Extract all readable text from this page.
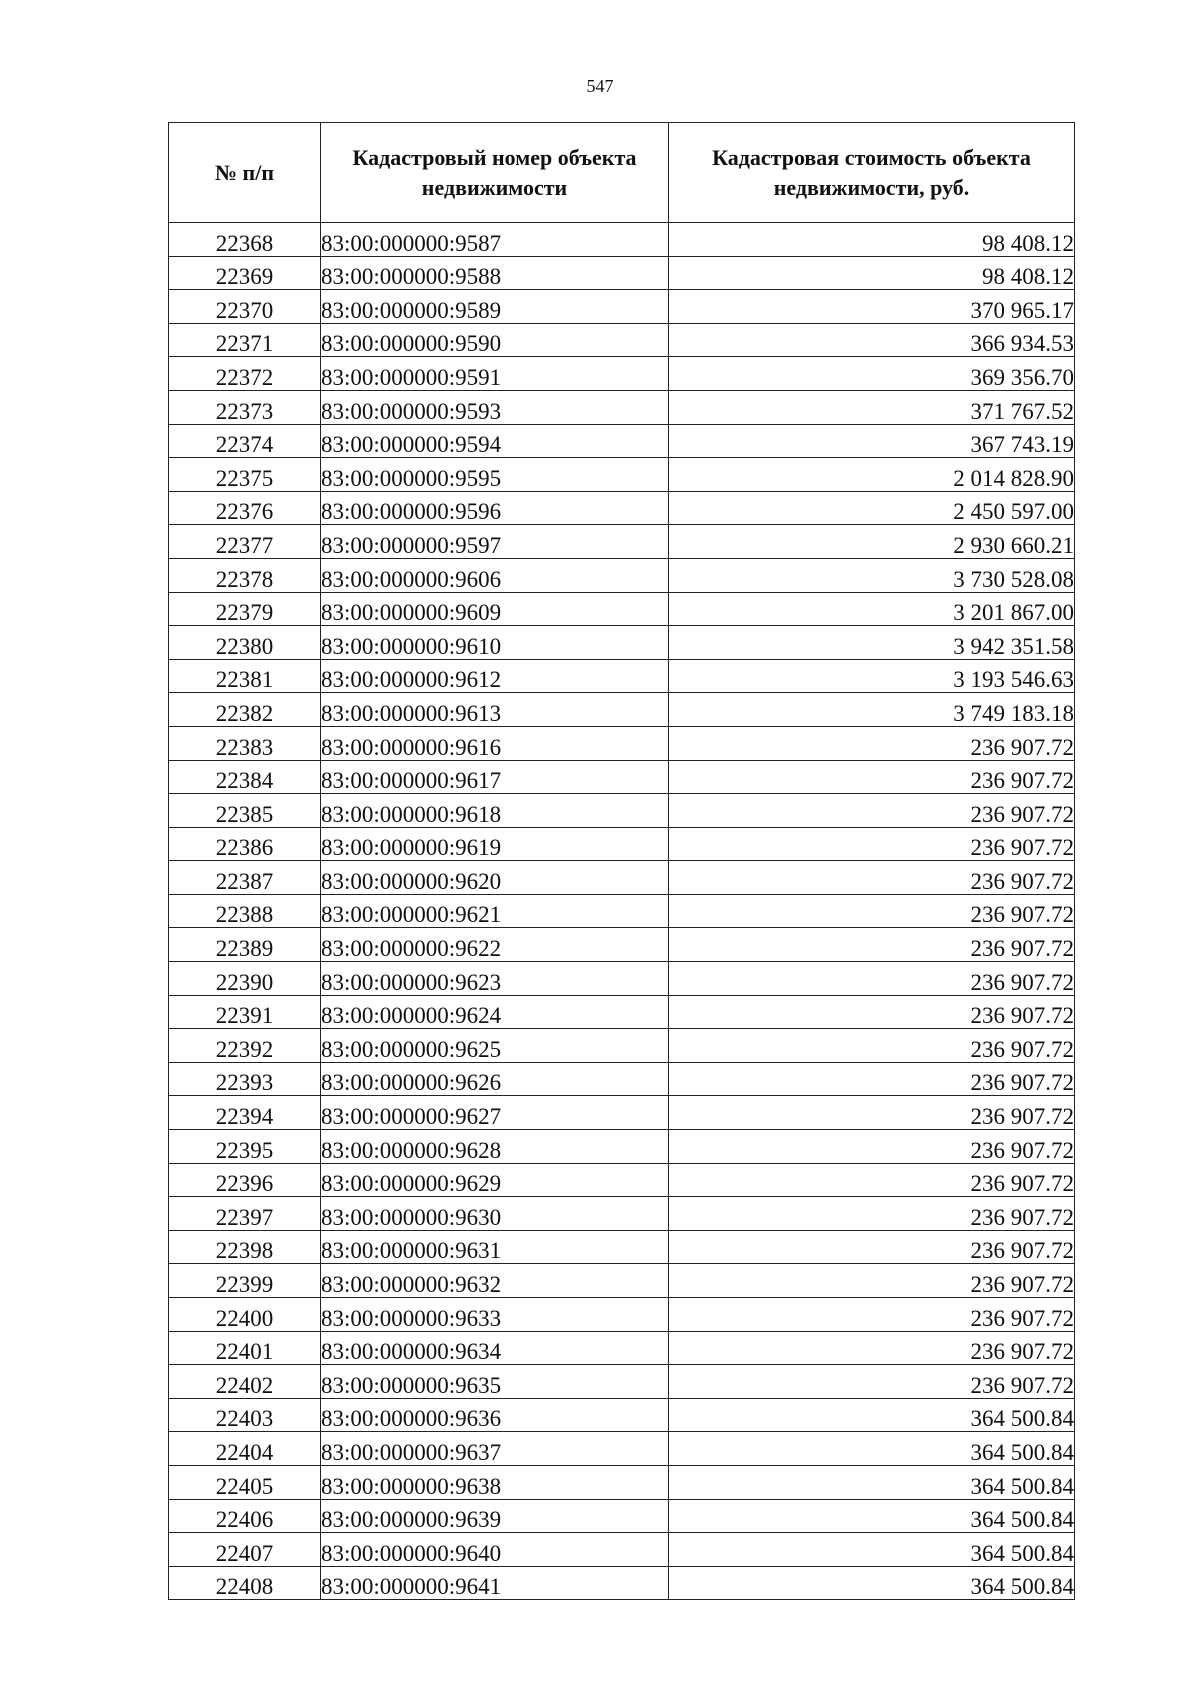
547
№ п/п	Кадастровый номер объекта недвижимости	Кадастровая стоимость объекта недвижимости, руб.
22368	83:00:000000:9587	98 408.12
22369	83:00:000000:9588	98 408.12
22370	83:00:000000:9589	370 965.17
22371	83:00:000000:9590	366 934.53
22372	83:00:000000:9591	369 356.70
22373	83:00:000000:9593	371 767.52
22374	83:00:000000:9594	367 743.19
22375	83:00:000000:9595	2 014 828.90
22376	83:00:000000:9596	2 450 597.00
22377	83:00:000000:9597	2 930 660.21
22378	83:00:000000:9606	3 730 528.08
22379	83:00:000000:9609	3 201 867.00
22380	83:00:000000:9610	3 942 351.58
22381	83:00:000000:9612	3 193 546.63
22382	83:00:000000:9613	3 749 183.18
22383	83:00:000000:9616	236 907.72
22384	83:00:000000:9617	236 907.72
22385	83:00:000000:9618	236 907.72
22386	83:00:000000:9619	236 907.72
22387	83:00:000000:9620	236 907.72
22388	83:00:000000:9621	236 907.72
22389	83:00:000000:9622	236 907.72
22390	83:00:000000:9623	236 907.72
22391	83:00:000000:9624	236 907.72
22392	83:00:000000:9625	236 907.72
22393	83:00:000000:9626	236 907.72
22394	83:00:000000:9627	236 907.72
22395	83:00:000000:9628	236 907.72
22396	83:00:000000:9629	236 907.72
22397	83:00:000000:9630	236 907.72
22398	83:00:000000:9631	236 907.72
22399	83:00:000000:9632	236 907.72
22400	83:00:000000:9633	236 907.72
22401	83:00:000000:9634	236 907.72
22402	83:00:000000:9635	236 907.72
22403	83:00:000000:9636	364 500.84
22404	83:00:000000:9637	364 500.84
22405	83:00:000000:9638	364 500.84
22406	83:00:000000:9639	364 500.84
22407	83:00:000000:9640	364 500.84
22408	83:00:000000:9641	364 500.84
